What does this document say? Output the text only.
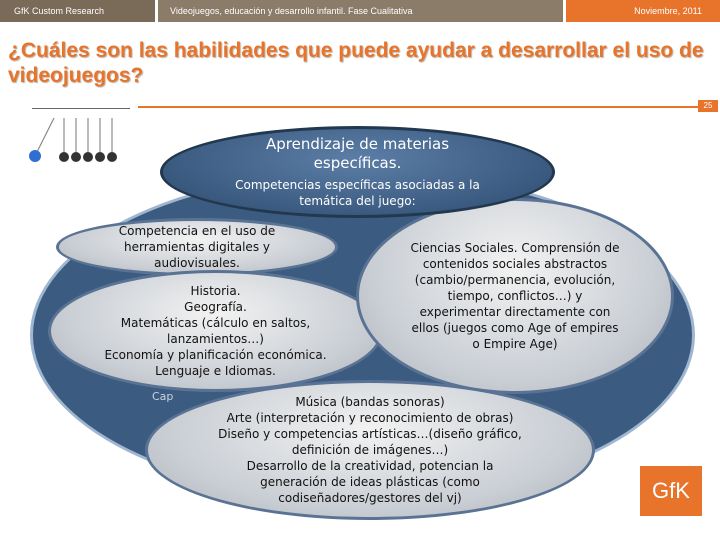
GfK Custom Research	Videojuegos, educación y desarrollo infantil. Fase Cualitativa	Noviembre, 2011
¿Cuáles son las habilidades que puede ayudar a desarrollar el uso de videojuegos?
25
Cap
Competencia en el uso de herramientas digitales y audiovisuales.
Historia.
Geografía.
Matemáticas (cálculo en saltos, lanzamientos…)
Economía y planificación económica.
Lenguaje e Idiomas.
Ciencias Sociales. Comprensión de contenidos sociales abstractos (cambio/permanencia, evolución, tiempo, conflictos…) y experimentar directamente con ellos (juegos como Age of empires o Empire Age)
Música (bandas sonoras)
Arte (interpretación y reconocimiento de obras)
Diseño y competencias artísticas…(diseño gráfico, definición de imágenes…)
Desarrollo de la creatividad, potencian la generación de ideas plásticas (como codiseñadores/gestores del vj)
Aprendizaje de materias específicas.
Competencias específicas asociadas a la temática del juego:
GfK
